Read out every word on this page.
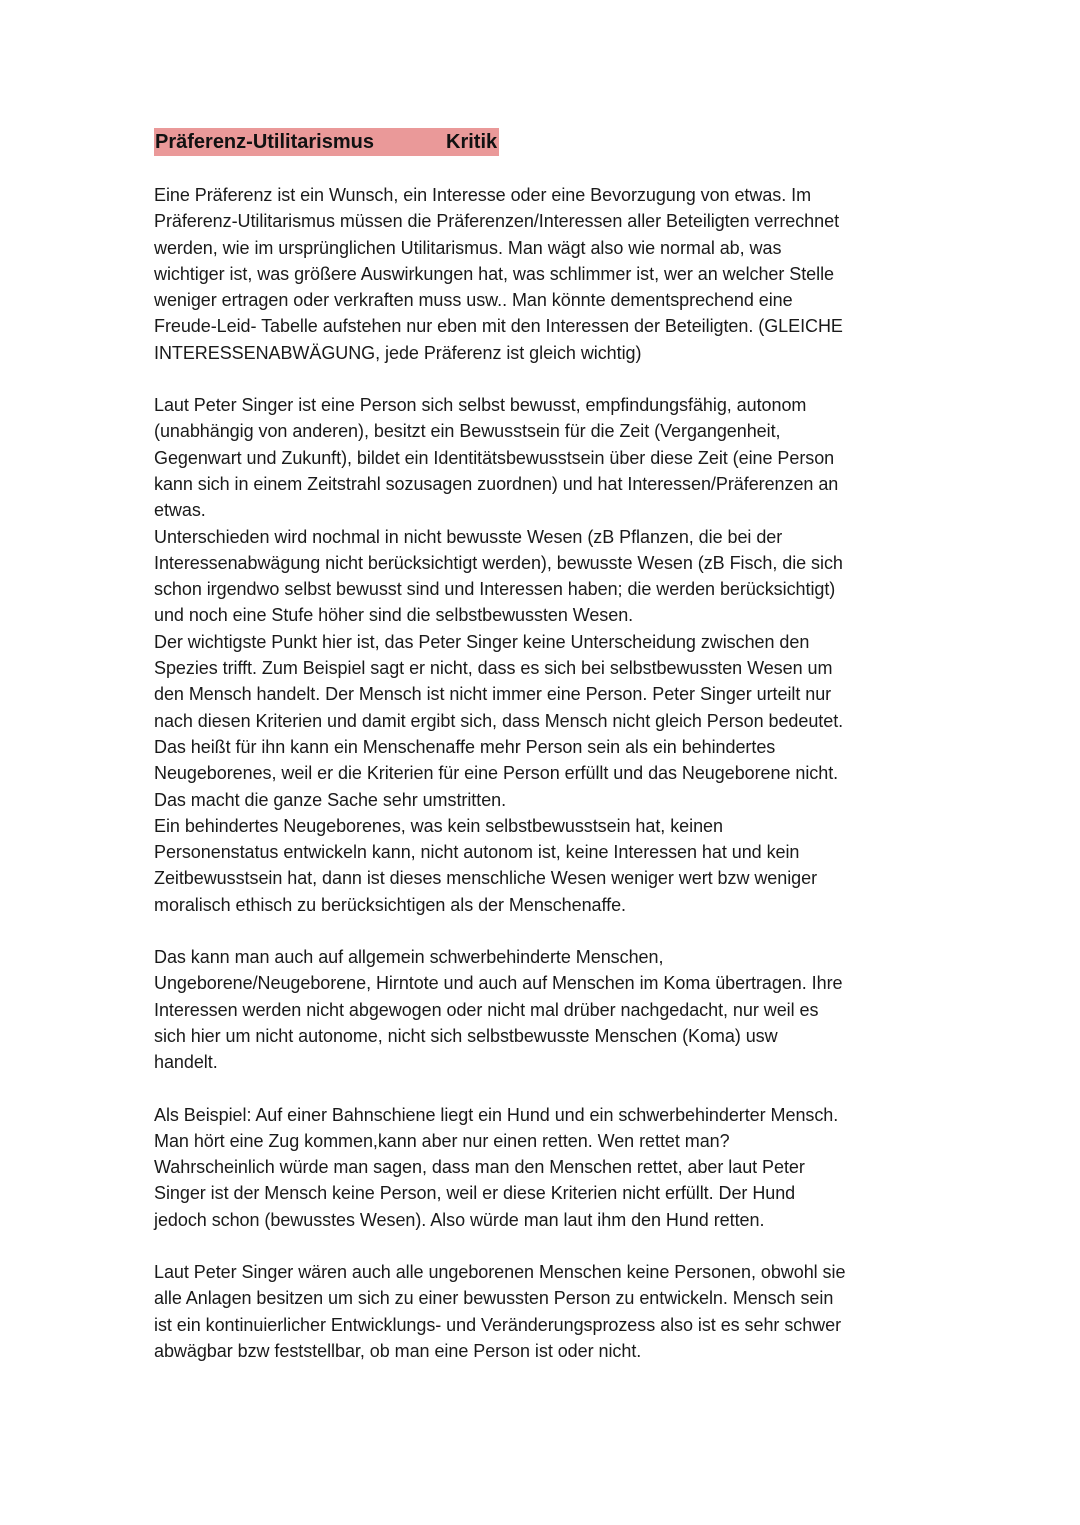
Präferenz-Utilitarismus	Kritik

Eine Präferenz ist ein Wunsch, ein Interesse oder eine Bevorzugung von etwas. Im
Präferenz-Utilitarismus müssen die Präferenzen/Interessen aller Beteiligten verrechnet
werden, wie im ursprünglichen Utilitarismus. Man wägt also wie normal ab, was
wichtiger ist, was größere Auswirkungen hat, was schlimmer ist, wer an welcher Stelle
weniger ertragen oder verkraften muss usw.. Man könnte dementsprechend eine
Freude-Leid- Tabelle aufstehen nur eben mit den Interessen der Beteiligten. (GLEICHE
INTERESSENABWÄGUNG, jede Präferenz ist gleich wichtig)

Laut Peter Singer ist eine Person sich selbst bewusst, empfindungsfähig, autonom
(unabhängig von anderen), besitzt ein Bewusstsein für die Zeit (Vergangenheit,
Gegenwart und Zukunft), bildet ein Identitätsbewusstsein über diese Zeit (eine Person
kann sich in einem Zeitstrahl sozusagen zuordnen) und hat Interessen/Präferenzen an
etwas.
Unterschieden wird nochmal in nicht bewusste Wesen (zB Pflanzen, die bei der
Interessenabwägung nicht berücksichtigt werden), bewusste Wesen (zB Fisch, die sich
schon irgendwo selbst bewusst sind und Interessen haben; die werden berücksichtigt)
und noch eine Stufe höher sind die selbstbewussten Wesen.
Der wichtigste Punkt hier ist, das Peter Singer keine Unterscheidung zwischen den
Spezies trifft. Zum Beispiel sagt er nicht, dass es sich bei selbstbewussten Wesen um
den Mensch handelt. Der Mensch ist nicht immer eine Person. Peter Singer urteilt nur
nach diesen Kriterien und damit ergibt sich, dass Mensch nicht gleich Person bedeutet.
Das heißt für ihn kann ein Menschenaffe mehr Person sein als ein behindertes
Neugeborenes, weil er die Kriterien für eine Person erfüllt und das Neugeborene nicht.
Das macht die ganze Sache sehr umstritten.
Ein behindertes Neugeborenes, was kein selbstbewusstsein hat, keinen
Personenstatus entwickeln kann, nicht autonom ist, keine Interessen hat und kein
Zeitbewusstsein hat, dann ist dieses menschliche Wesen weniger wert bzw weniger
moralisch ethisch zu berücksichtigen als der Menschenaffe.

Das kann man auch auf allgemein schwerbehinderte Menschen,
Ungeborene/Neugeborene, Hirntote und auch auf Menschen im Koma übertragen. Ihre
Interessen werden nicht abgewogen oder nicht mal drüber nachgedacht, nur weil es
sich hier um nicht autonome, nicht sich selbstbewusste Menschen (Koma) usw
handelt.

Als Beispiel: Auf einer Bahnschiene liegt ein Hund und ein schwerbehinderter Mensch.
Man hört eine Zug kommen,kann aber nur einen retten. Wen rettet man?
Wahrscheinlich würde man sagen, dass man den Menschen rettet, aber laut Peter
Singer ist der Mensch keine Person, weil er diese Kriterien nicht erfüllt. Der Hund
jedoch schon (bewusstes Wesen). Also würde man laut ihm den Hund retten.

Laut Peter Singer wären auch alle ungeborenen Menschen keine Personen, obwohl sie
alle Anlagen besitzen um sich zu einer bewussten Person zu entwickeln. Mensch sein
ist ein kontinuierlicher Entwicklungs- und Veränderungsprozess also ist es sehr schwer
abwägbar bzw feststellbar, ob man eine Person ist oder nicht.
